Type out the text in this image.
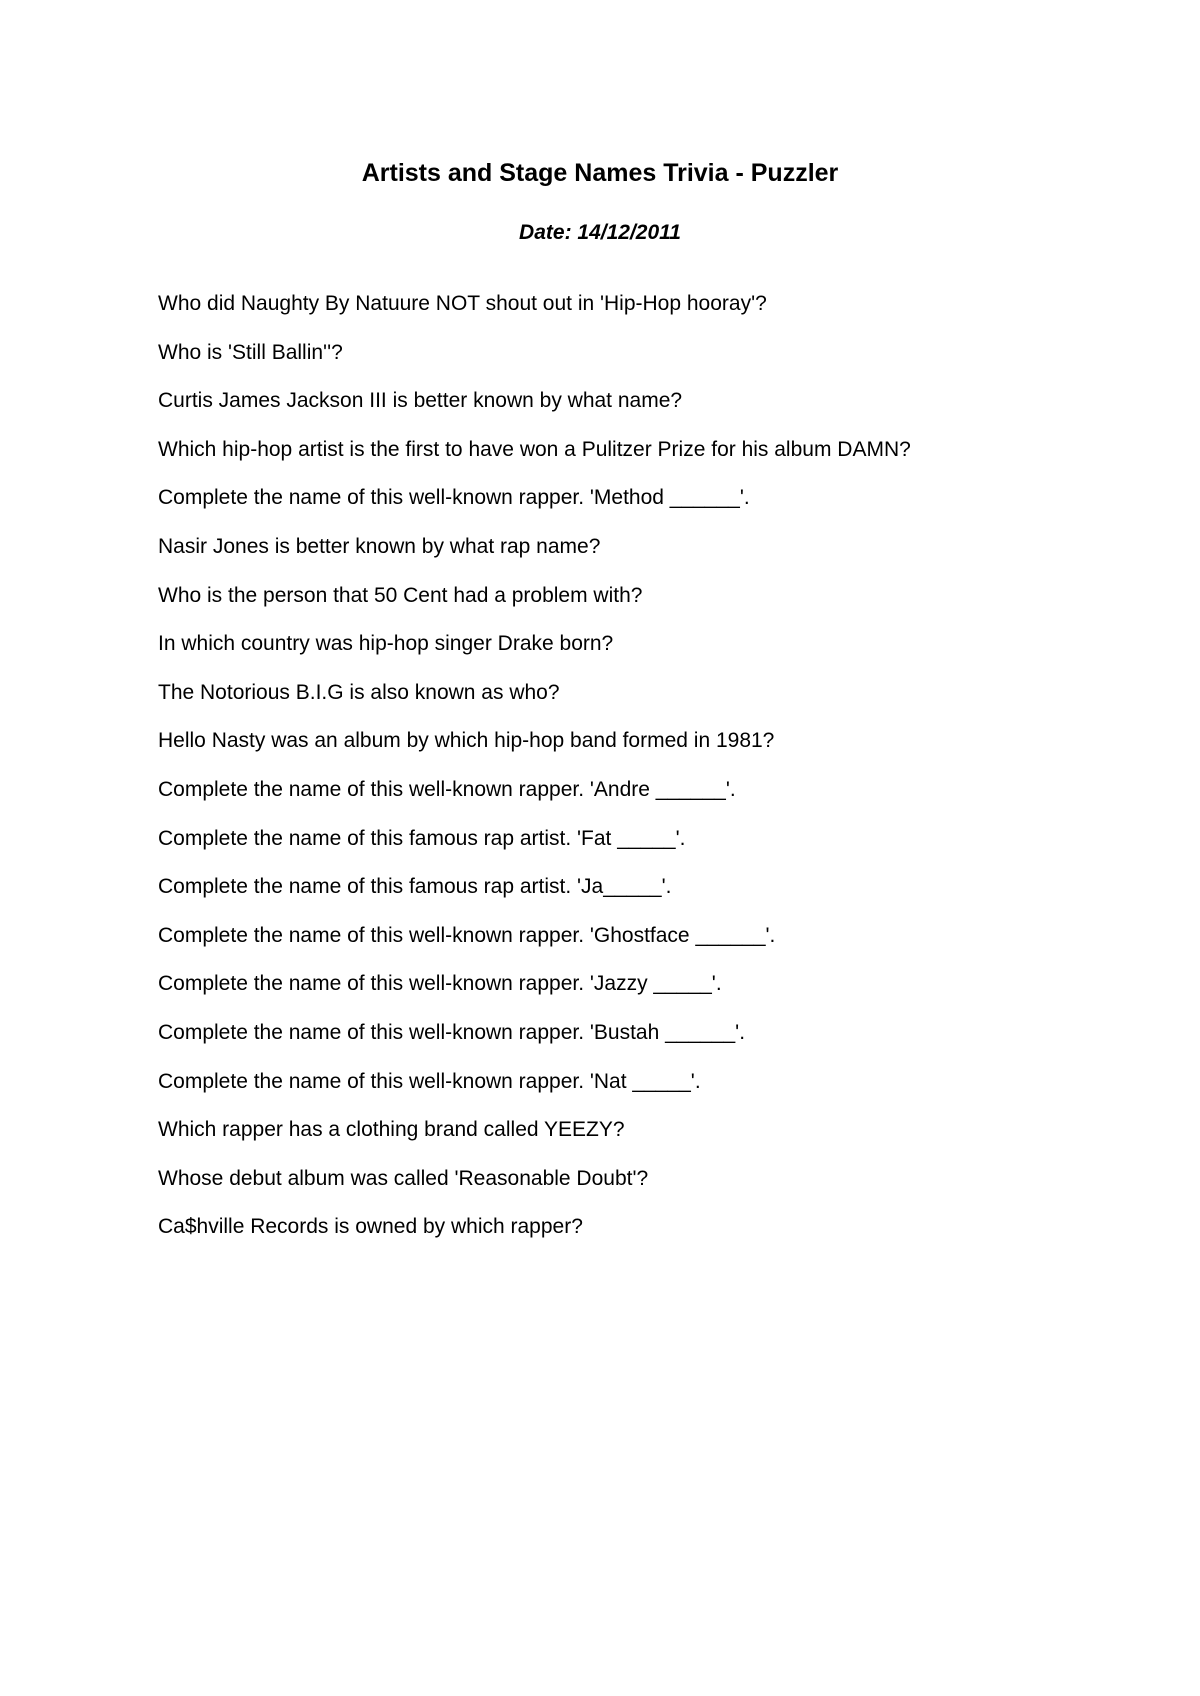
Artists and Stage Names Trivia - Puzzler

Date: 14/12/2011

Who did Naughty By Natuure NOT shout out in 'Hip-Hop hooray'?
Who is 'Still Ballin''?
Curtis James Jackson III is better known by what name?
Which hip-hop artist is the first to have won a Pulitzer Prize for his album DAMN?
Complete the name of this well-known rapper. 'Method ______'.
Nasir Jones is better known by what rap name?
Who is the person that 50 Cent had a problem with?
In which country was hip-hop singer Drake born?
The Notorious B.I.G is also known as who?
Hello Nasty was an album by which hip-hop band formed in 1981?
Complete the name of this well-known rapper. 'Andre ______'.
Complete the name of this famous rap artist. 'Fat _____'.
Complete the name of this famous rap artist. 'Ja_____'.
Complete the name of this well-known rapper. 'Ghostface ______'.
Complete the name of this well-known rapper. 'Jazzy _____'.
Complete the name of this well-known rapper. 'Bustah ______'.
Complete the name of this well-known rapper. 'Nat _____'.
Which rapper has a clothing brand called YEEZY?
Whose debut album was called 'Reasonable Doubt'?
Ca$hville Records is owned by which rapper?
